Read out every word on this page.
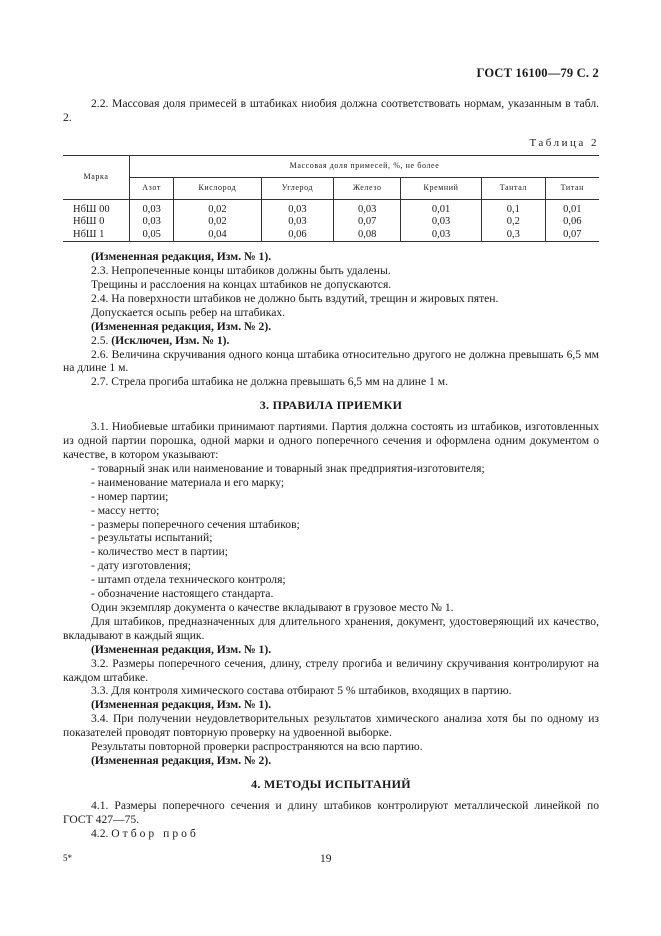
ГОСТ 16100—79 С. 2

2.2. Массовая доля примесей в штабиках ниобия должна соответствовать нормам, указанным в табл. 2.

Таблица 2
Марка	Массовая доля примесей, %, не более						
	Азот	Кислород	Углерод	Железо	Кремний	Тантал	Титан
НбШ 00	0,03	0,02	0,03	0,03	0,01	0,1	0,01
НбШ 0	0,03	0,02	0,03	0,07	0,03	0,2	0,06
НбШ 1	0,05	0,04	0,06	0,08	0,03	0,3	0,07

(Измененная редакция, Изм. № 1).

2.3. Непропеченные концы штабиков должны быть удалены.

Трещины и расслоения на концах штабиков не допускаются.

2.4. На поверхности штабиков не должно быть вздутий, трещин и жировых пятен.

Допускается осыпь ребер на штабиках.

(Измененная редакция, Изм. № 2).

2.5. (Исключен, Изм. № 1).

2.6. Величина скручивания одного конца штабика относительно другого не должна превышать 6,5 мм на длине 1 м.

2.7. Стрела прогиба штабика не должна превышать 6,5 мм на длине 1 м.

3. ПРАВИЛА ПРИЕМКИ

3.1. Ниобиевые штабики принимают партиями. Партия должна состоять из штабиков, изготовленных из одной партии порошка, одной марки и одного поперечного сечения и оформлена одним документом о качестве, в котором указывают:

- товарный знак или наименование и товарный знак предприятия-изготовителя;

- наименование материала и его марку;

- номер партии;

- массу нетто;

- размеры поперечного сечения штабиков;

- результаты испытаний;

- количество мест в партии;

- дату изготовления;

- штамп отдела технического контроля;

- обозначение настоящего стандарта.

Один экземпляр документа о качестве вкладывают в грузовое место № 1.

Для штабиков, предназначенных для длительного хранения, документ, удостоверяющий их качество, вкладывают в каждый ящик.

(Измененная редакция, Изм. № 1).

3.2. Размеры поперечного сечения, длину, стрелу прогиба и величину скручивания контролируют на каждом штабике.

3.3. Для контроля химического состава отбирают 5 % штабиков, входящих в партию.

(Измененная редакция, Изм. № 1).

3.4. При получении неудовлетворительных результатов химического анализа хотя бы по одному из показателей проводят повторную проверку на удвоенной выборке.

Результаты повторной проверки распространяются на всю партию.

(Измененная редакция, Изм. № 2).

4. МЕТОДЫ ИСПЫТАНИЙ

4.1. Размеры поперечного сечения и длину штабиков контролируют металлической линейкой по ГОСТ 427—75.

4.2. Отбор проб

5*	19
